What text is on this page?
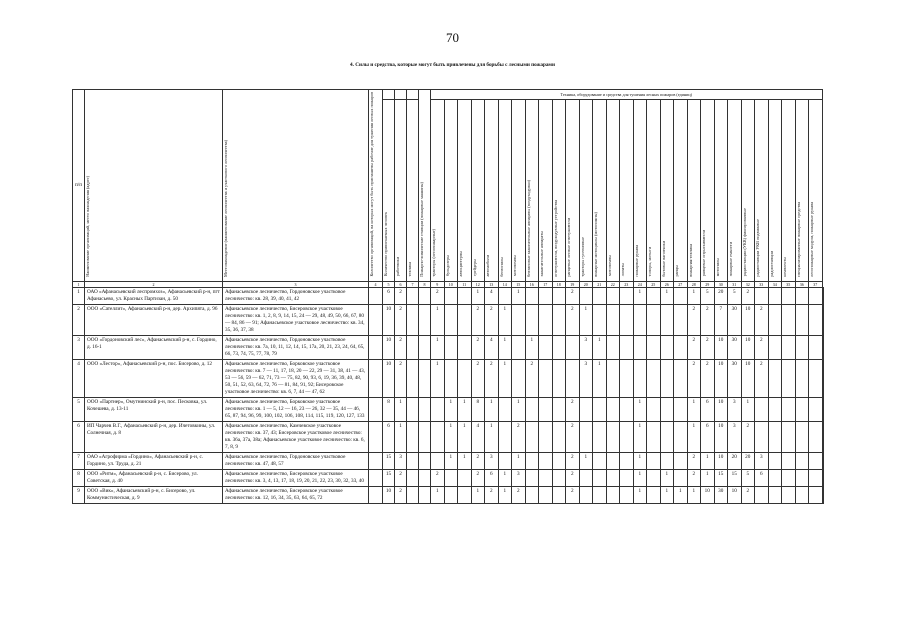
70
4. Силы и средства, которые могут быть привлечены для борьбы с лесными пожарами
п/п	Наименование организаций, место нахождения (адрес)	Местонахождение (наименование лесничества и участкового лесничества)	Количество организаций, на которых могут быть приглашены рабочие для тушения лесных пожаров				Пожарно-химические станции (пожарные машины)	Техника, оборудование и средства для тушения лесных пожаров (единиц)																													
				Количество привлекаемых человек	работники	техника		тракторы (лесопожарные)	бульдозеры	автоцистерны	грейдеры	автомобили	бензопилы	мотопомпы	бензиновые зажигательные аппараты (воздуходувки)	зажигательные аппараты	огнетушители, воздуходувные устройства	ранцевые лесные огнетушители	тракторы гусеничные	пожарные мотоциклы (мотопомпы)	мотопомпы	лопаты	пожарные рукава	топоры, мотыги	бытовые вагончики	ранцы	пожарная техника	ранцевые опрыскиватели	мотопилы	пожарные емкости	радиостанции (УКВ) фиксированные	радиостанции УКВ подвижные	радиостанции	комплекты	специализированные пожарные средства	лесопожарные модули, пожарные рукава	
1	2	3	4	5	6	7	8	9	10	11	12	13	14	15	16	17	18	19	20	21	22	23	24	25	26	27	28	29	30	31	32	33	34	35	36	37	
1	ОАО «Афанасьевский леспромхоз», Афанасьевский р-н, пгт Афанасьево, ул. Красных Партизан, д. 50	Афанасьевское лесничество, Гордоновское участковое лесничество: кв. 28, 39, 40, 41, 42		6	2			2			1	4		1				2					1		1		1	5	20	5	2						
2	ООО «Сателлит», Афанасьевский р-н, дер. Архипята, д. 96	Афанасьевское лесничество, Бисеровское участковое лесничество: кв. 1, 2, 8, 9, 14, 15, 24 — 29, 48, 49, 50, 66, 67, 80 — 84, 86 — 91; Афанасьевское участковое лесничество: кв. 34, 35, 36, 37, 38		10	2			1			2	2	1					2	1								2	2	7	30	10	2					
3	ООО «Гордоновский лес», Афанасьевский р-н, с. Гордино, д. 16-1	Афанасьевское лесничество, Гордоновское участковое лесничество: кв. 7а, 10, 11, 12, 14, 15, 17а, 20, 21, 23, 24, 64, 65, 66, 73, 74, 75, 77, 78, 79		10	2			1			2	4	1		1				3	1							2	2	10	30	10	2					
4	ООО «Лестор», Афанасьевский р-н, пос. Бисерово, д. 12	Афанасьевское лесничество, Борковское участковое лесничество: кв. 7 — 11, 17, 18, 20 — 22, 29 — 31, 38, 41 — 43, 53 — 56, 59 — 62, 71, 73 — 75, 82, 90, 93, 6, 19, 36, 39, 40, 48, 50, 51, 52, 63, 64, 72, 76 — 81, 84, 91, 92; Бисеровское участковое лесничество: кв. 6, 7, 44 — 47, 62		10	2			1			2	2	1		2				3	1							2	2	10	30	10	2					
5	ООО «Партнер», Омутнинский р-н, пос. Песковка, ул. Кочешева, д. 13-11	Афанасьевское лесничество, Борковское участковое лесничество: кв. 1 — 5, 12 — 16, 23 — 26, 32 — 35, 44 — 46, 65, 87, 94, 96, 99, 100, 102, 106, 108, 114, 115, 119, 120, 127, 133		8	1				1	1	8	1		1				2					1				1	6	10	3	1						
6	ИП Чарчев В.Г., Афанасьевский р-н, дер. Ичетовкины, ул. Солнечная, д. 8	Афанасьевское лесничество, Камчевское участковое лесничество: кв. 37, 43; Бисеровское участковое лесничество: кв. 36а, 37а, 38а; Афанасьевское участковое лесничество: кв. 6, 7, 8, 9		6	1				1	1	4	1		2				2					1				1	6	10	3	2						
7	ОАО «Агрофирма «Гордино», Афанасьевский р-н, с. Гордино, ул. Труда, д. 21	Афанасьевское лесничество, Гордоновское участковое лесничество: кв. 47, 48, 57		15	3				1	1	2	3		1				2	1				1				2	1	10	20	20	3					
8	ООО «Ритм», Афанасьевский р-н, с. Бисерово, ул. Советская, д. 40	Афанасьевское лесничество, Бисеровское участковое лесничество: кв. 3, 4, 13, 17, 18, 19, 20, 21, 22, 23, 30, 32, 33, 40		15	2			2			2	6	1	3				2					1		1		2	1	15	15	5	6					
9	ООО «Вик», Афанасьевский р-н, с. Бисерово, ул. Коммунистическая, д. 9	Афанасьевское лесничество, Бисеровское участковое лесничество: кв. 12, 16, 34, 35, 63, 64, 65, 72		10	2			1			1	2	1	2				2					1		1	1	1	10	30	10	2						
